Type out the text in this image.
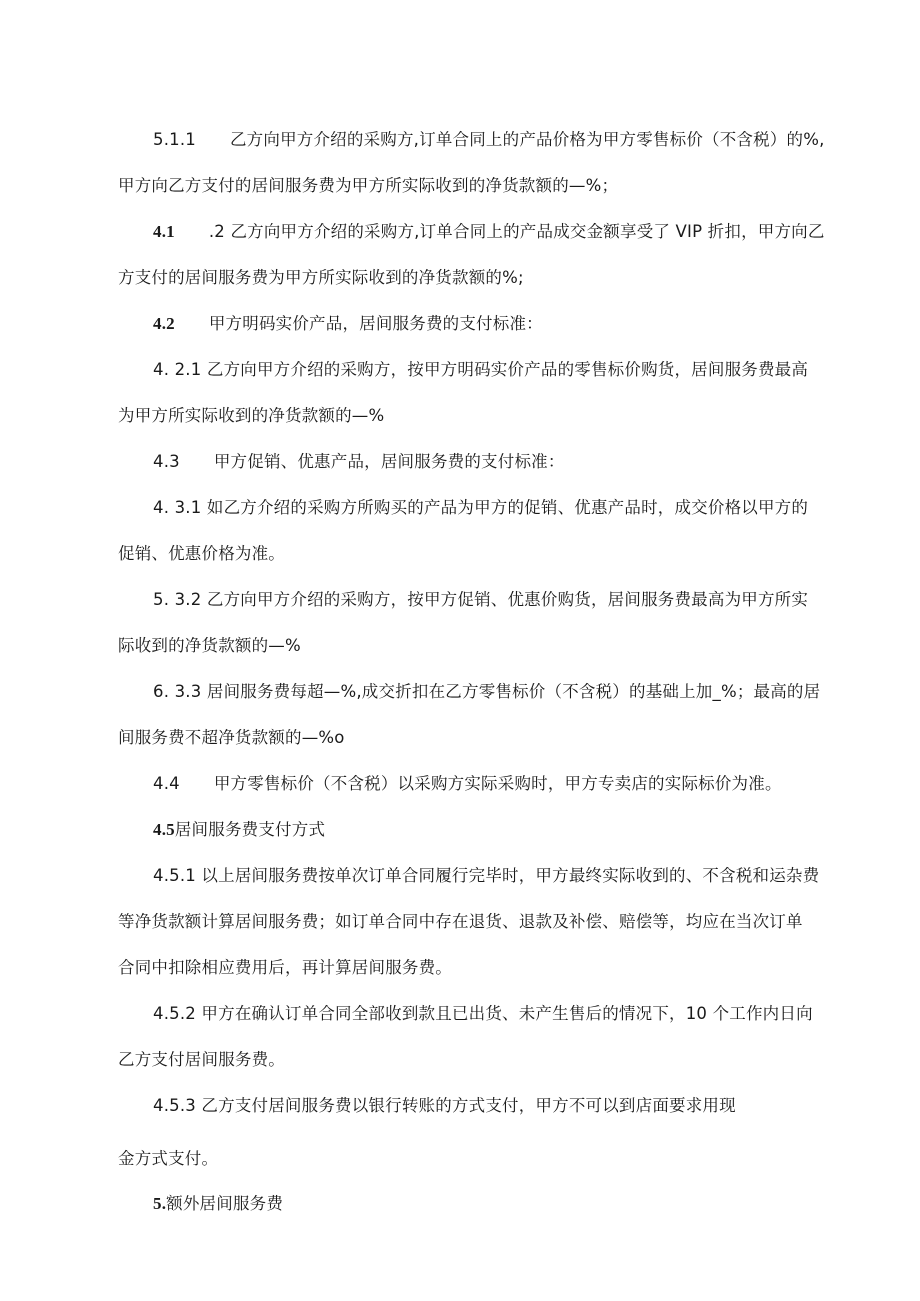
5.1.1 乙方向甲方介绍的采购方,订单合同上的产品价格为甲方零售标价（不含税）的%,
甲方向乙方支付的居间服务费为甲方所实际收到的净货款额的—%；
4.1 .2 乙方向甲方介绍的采购方,订单合同上的产品成交金额享受了 VIP 折扣，甲方向乙
方支付的居间服务费为甲方所实际收到的净货款额的%;
4.2 甲方明码实价产品，居间服务费的支付标准：
4. 2.1 乙方向甲方介绍的采购方，按甲方明码实价产品的零售标价购货，居间服务费最高
为甲方所实际收到的净货款额的—%
4.3 甲方促销、优惠产品，居间服务费的支付标准：
4. 3.1 如乙方介绍的采购方所购买的产品为甲方的促销、优惠产品时，成交价格以甲方的
促销、优惠价格为准。
5. 3.2 乙方向甲方介绍的采购方，按甲方促销、优惠价购货，居间服务费最高为甲方所实
际收到的净货款额的—%
6. 3.3 居间服务费每超—%,成交折扣在乙方零售标价（不含税）的基础上加_%；最高的居
间服务费不超净货款额的—%o
4.4 甲方零售标价（不含税）以采购方实际采购时，甲方专卖店的实际标价为准。
4.5居间服务费支付方式
4.5.1 以上居间服务费按单次订单合同履行完毕时，甲方最终实际收到的、不含税和运杂费
等净货款额计算居间服务费；如订单合同中存在退货、退款及补偿、赔偿等，均应在当次订单
合同中扣除相应费用后，再计算居间服务费。
4.5.2 甲方在确认订单合同全部收到款且已出货、未产生售后的情况下，10 个工作内日向
乙方支付居间服务费。
4.5.3 乙方支付居间服务费以银行转账的方式支付，甲方不可以到店面要求用现
金方式支付。
5.额外居间服务费
